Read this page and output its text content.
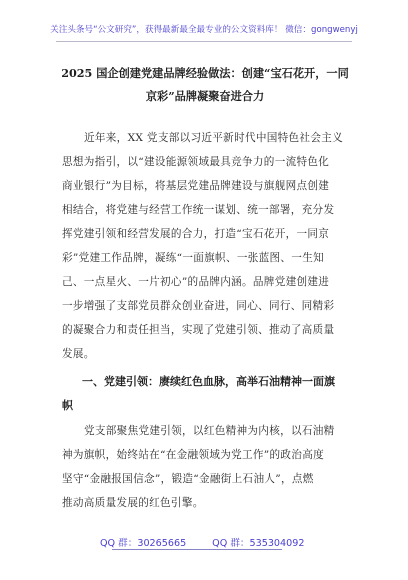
关注头条号“公文研究”，获得最新最全最专业的公文资料库！ 微信：gongwenyj
2025 国企创建党建品牌经验做法：创建“宝石花开，一同
京彩”品牌凝聚奋进合力
近年来，XX 党支部以习近平新时代中国特色社会主义
思想为指引，以“建设能源领域最具竞争力的一流特色化
商业银行”为目标，将基层党建品牌建设与旗舰网点创建
相结合，将党建与经营工作统一谋划、统一部署，充分发
挥党建引领和经营发展的合力，打造“宝石花开，一同京
彩”党建工作品牌，凝练“一面旗帜、一张蓝图、一生知
己、一点星火、一片初心”的品牌内涵。品牌党建创建进
一步增强了支部党员群众创业奋进，同心、同行、同精彩
的凝聚合力和责任担当，实现了党建引领、推动了高质量
发展。
一、党建引领：赓续红色血脉，高举石油精神一面旗
帜
党支部聚焦党建引领，以红色精神为内核，以石油精
神为旗帜，始终站在“在金融领域为党工作”的政治高度
坚守“金融报国信念”，锻造“金融街上石油人”，点燃
推动高质量发展的红色引擎。
QQ 群：30265665	QQ 群：535304092
